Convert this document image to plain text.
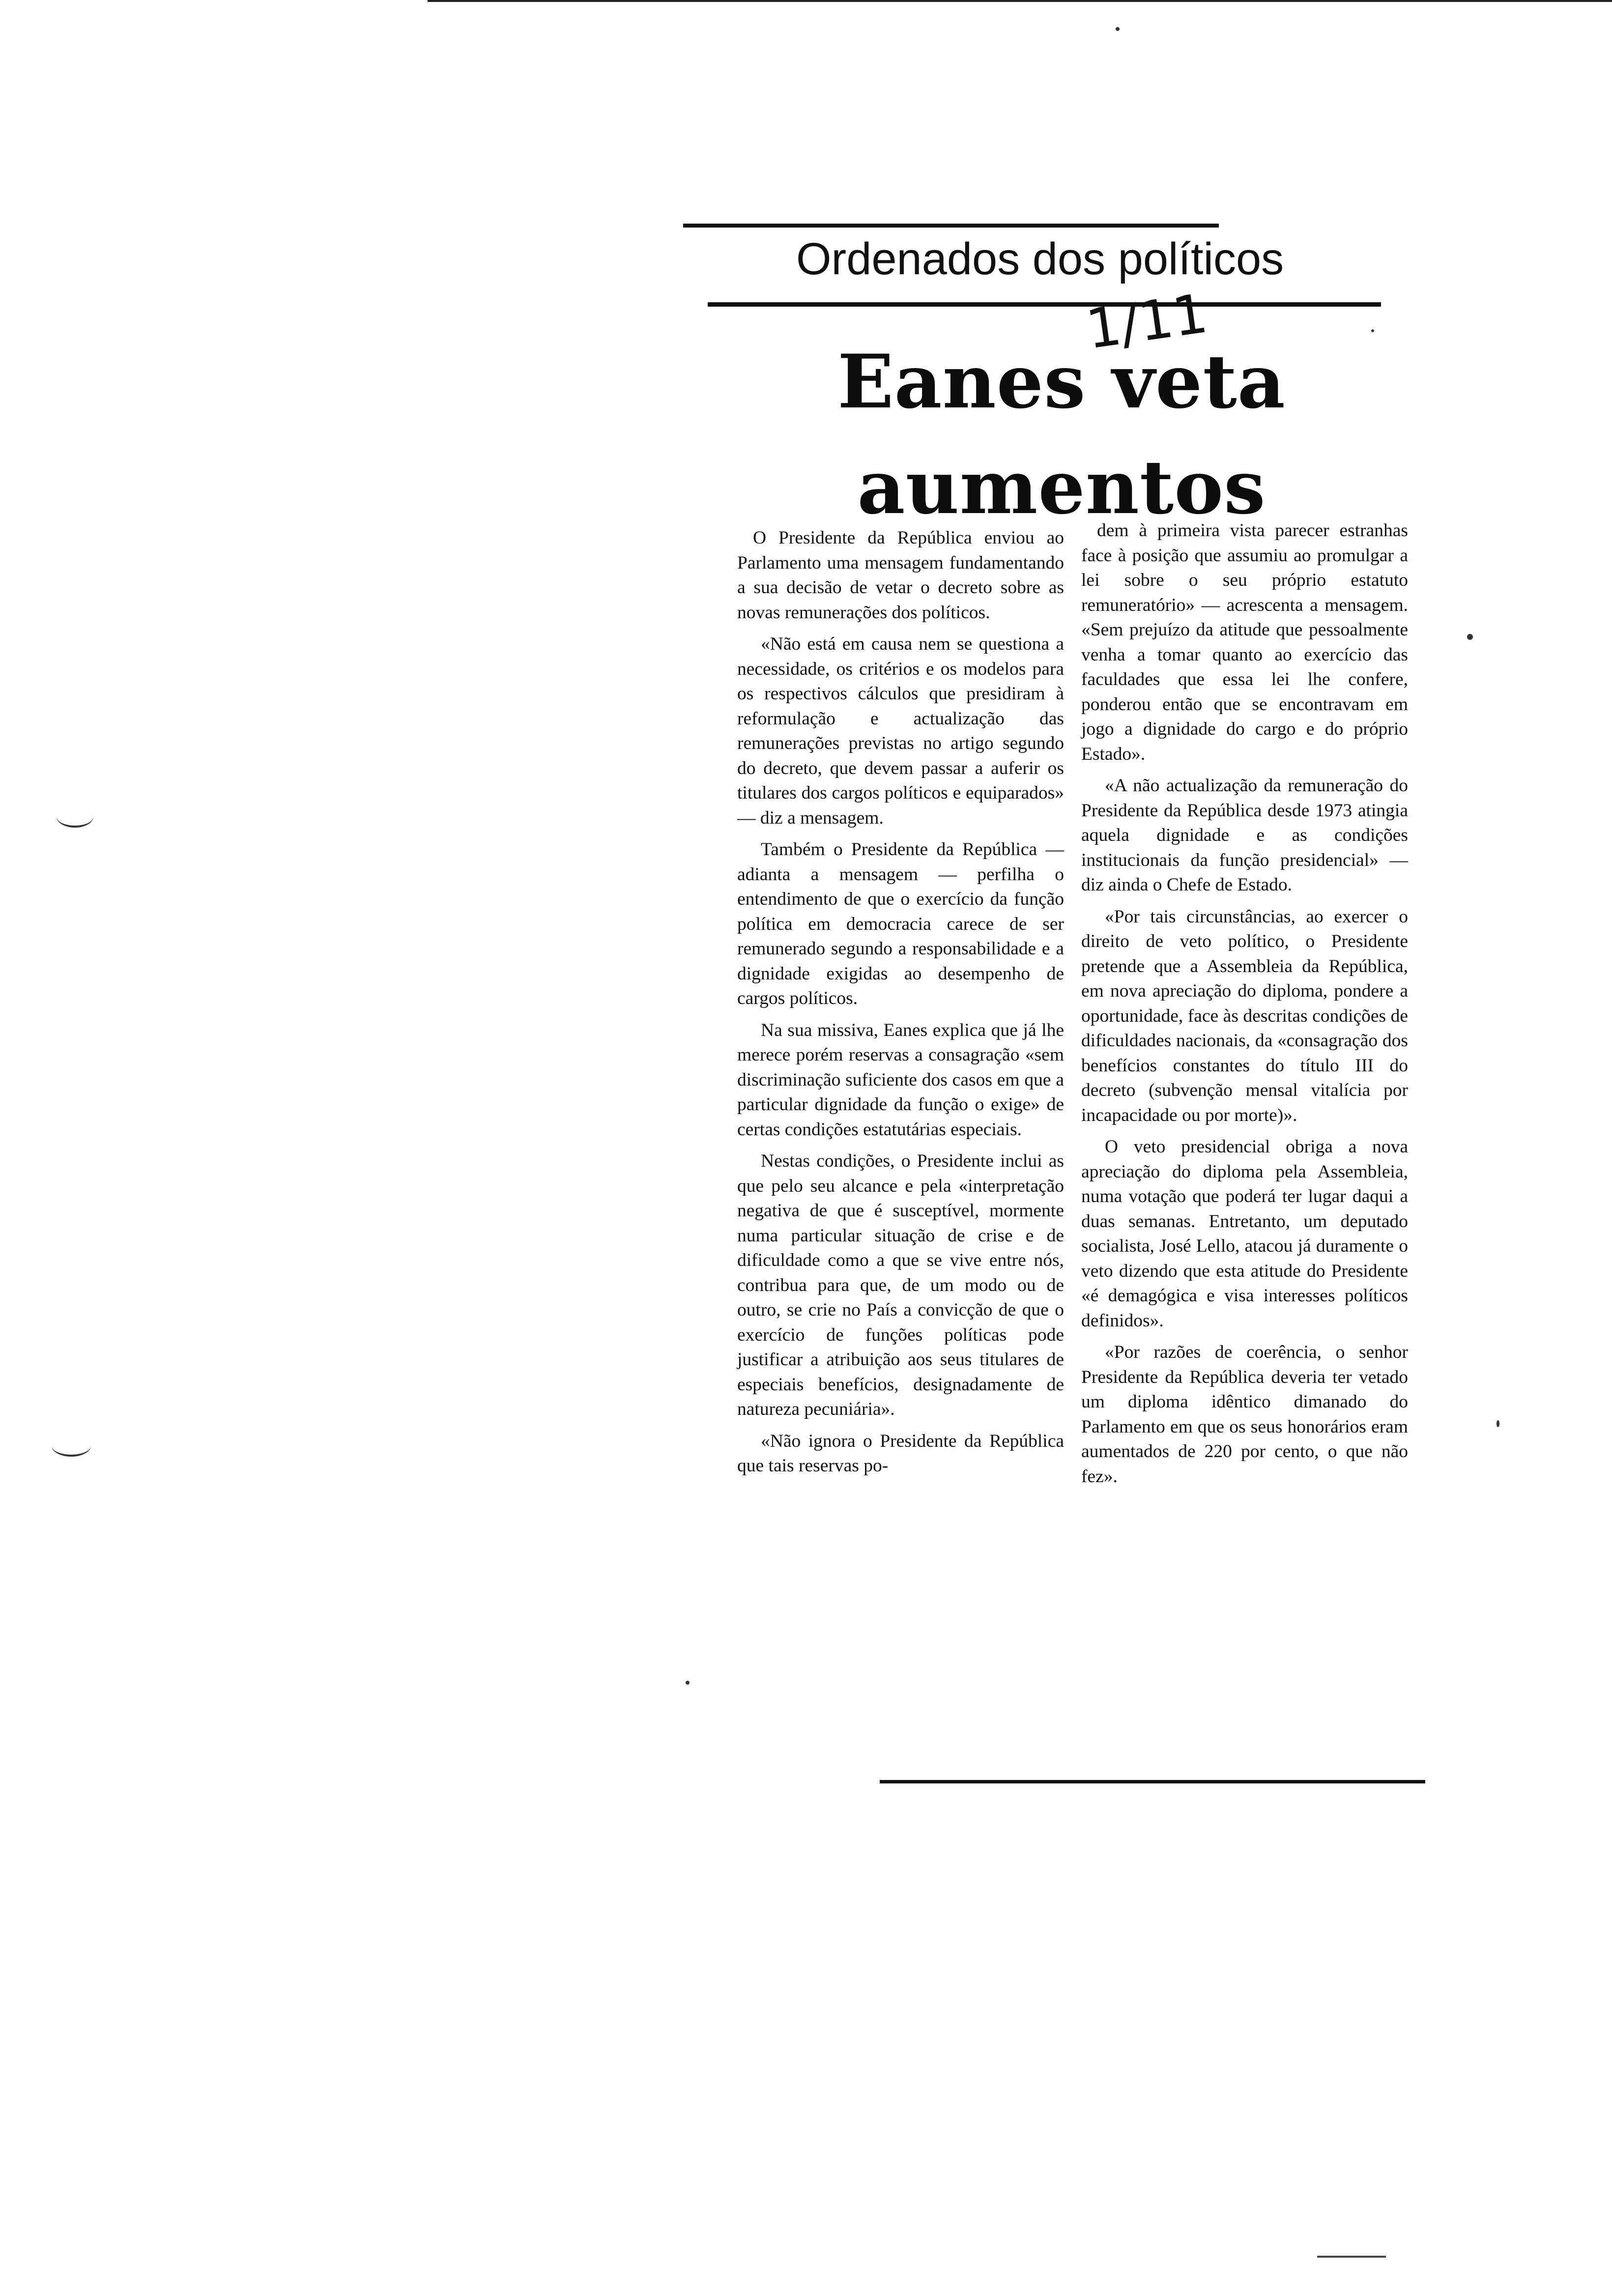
Ordenados dos políticos
1/11
Eanes veta
aumentos

O Presidente da República enviou ao Parlamento uma mensagem fundamentando a sua decisão de vetar o decreto sobre as novas remunerações dos políticos.

«Não está em causa nem se questiona a necessidade, os critérios e os modelos para os respectivos cálculos que presidiram à reformulação e actualização das remunerações previstas no artigo segundo do decreto, que devem passar a auferir os titulares dos cargos políticos e equiparados» — diz a mensagem.

Também o Presidente da República — adianta a mensagem — perfilha o entendimento de que o exercício da função política em democracia carece de ser remunerado segundo a responsabilidade e a dignidade exigidas ao desempenho de cargos políticos.

Na sua missiva, Eanes explica que já lhe merece porém reservas a consagração «sem discriminação suficiente dos casos em que a particular dignidade da função o exige» de certas condições estatutárias especiais.

Nestas condições, o Presidente inclui as que pelo seu alcance e pela «interpretação negativa de que é susceptível, mormente numa particular situação de crise e de dificuldade como a que se vive entre nós, contribua para que, de um modo ou de outro, se crie no País a convicção de que o exercício de funções políticas pode justificar a atribuição aos seus titulares de especiais benefícios, designadamente de natureza pecuniária».

«Não ignora o Presidente da República que tais reservas po-

dem à primeira vista parecer estranhas face à posição que assumiu ao promulgar a lei sobre o seu próprio estatuto remuneratório» — acrescenta a mensagem. «Sem prejuízo da atitude que pessoalmente venha a tomar quanto ao exercício das faculdades que essa lei lhe confere, ponderou então que se encontravam em jogo a dignidade do cargo e do próprio Estado».

«A não actualização da remuneração do Presidente da República desde 1973 atingia aquela dignidade e as condições institucionais da função presidencial» — diz ainda o Chefe de Estado.

«Por tais circunstâncias, ao exercer o direito de veto político, o Presidente pretende que a Assembleia da República, em nova apreciação do diploma, pondere a oportunidade, face às descritas condições de dificuldades nacionais, da «consagração dos benefícios constantes do título III do decreto (subvenção mensal vitalícia por incapacidade ou por morte)».

O veto presidencial obriga a nova apreciação do diploma pela Assembleia, numa votação que poderá ter lugar daqui a duas semanas. Entretanto, um deputado socialista, José Lello, atacou já duramente o veto dizendo que esta atitude do Presidente «é demagógica e visa interesses políticos definidos».

«Por razões de coerência, o senhor Presidente da República deveria ter vetado um diploma idêntico dimanado do Parlamento em que os seus honorários eram aumentados de 220 por cento, o que não fez».
